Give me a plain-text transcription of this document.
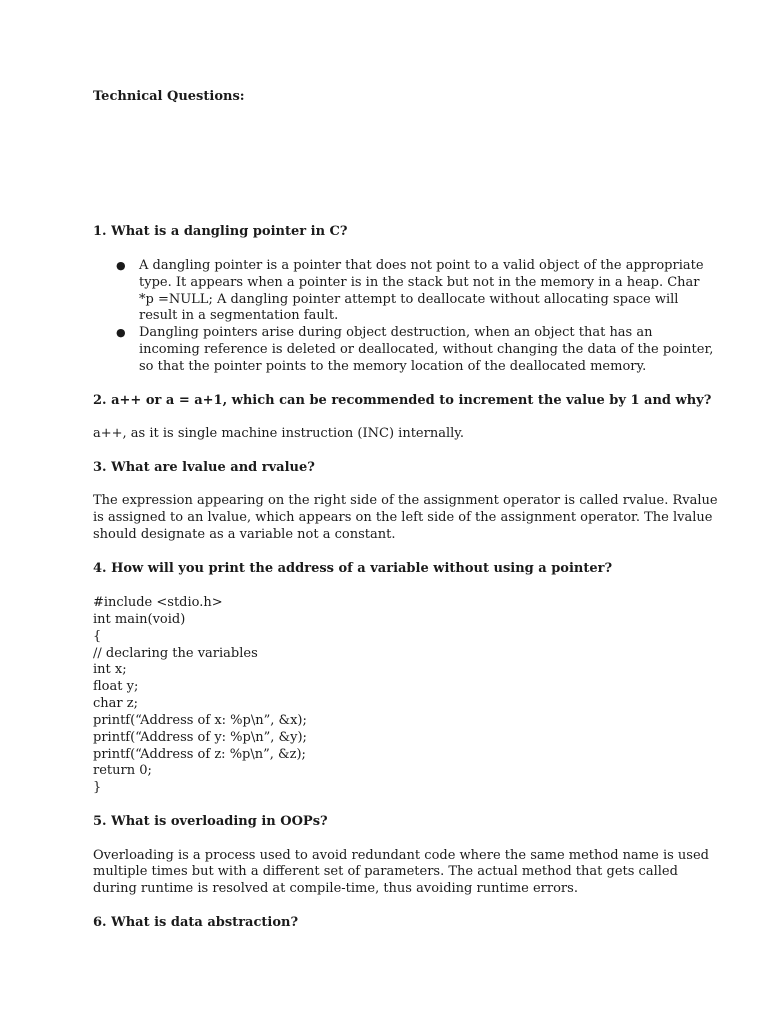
Technical Questions:
1. What is a dangling pointer in C?
● A dangling pointer is a pointer that does not point to a valid object of the appropriate
type. It appears when a pointer is in the stack but not in the memory in a heap. Char
*p =NULL; A dangling pointer attempt to deallocate without allocating space will
result in a segmentation fault.
● Dangling pointers arise during object destruction, when an object that has an
incoming reference is deleted or deallocated, without changing the data of the pointer,
so that the pointer points to the memory location of the deallocated memory.
2. a++ or a = a+1, which can be recommended to increment the value by 1 and why?
a++, as it is single machine instruction (INC) internally.
3. What are lvalue and rvalue?
The expression appearing on the right side of the assignment operator is called rvalue. Rvalue
is assigned to an lvalue, which appears on the left side of the assignment operator. The lvalue
should designate as a variable not a constant.
4. How will you print the address of a variable without using a pointer?
#include <stdio.h>
int main(void)
{
// declaring the variables
int x;
float y;
char z;
printf(“Address of x: %p\n”, &x);
printf(“Address of y: %p\n”, &y);
printf(“Address of z: %p\n”, &z);
return 0;
}
5. What is overloading in OOPs?
Overloading is a process used to avoid redundant code where the same method name is used
multiple times but with a different set of parameters. The actual method that gets called
during runtime is resolved at compile-time, thus avoiding runtime errors.
6. What is data abstraction?
